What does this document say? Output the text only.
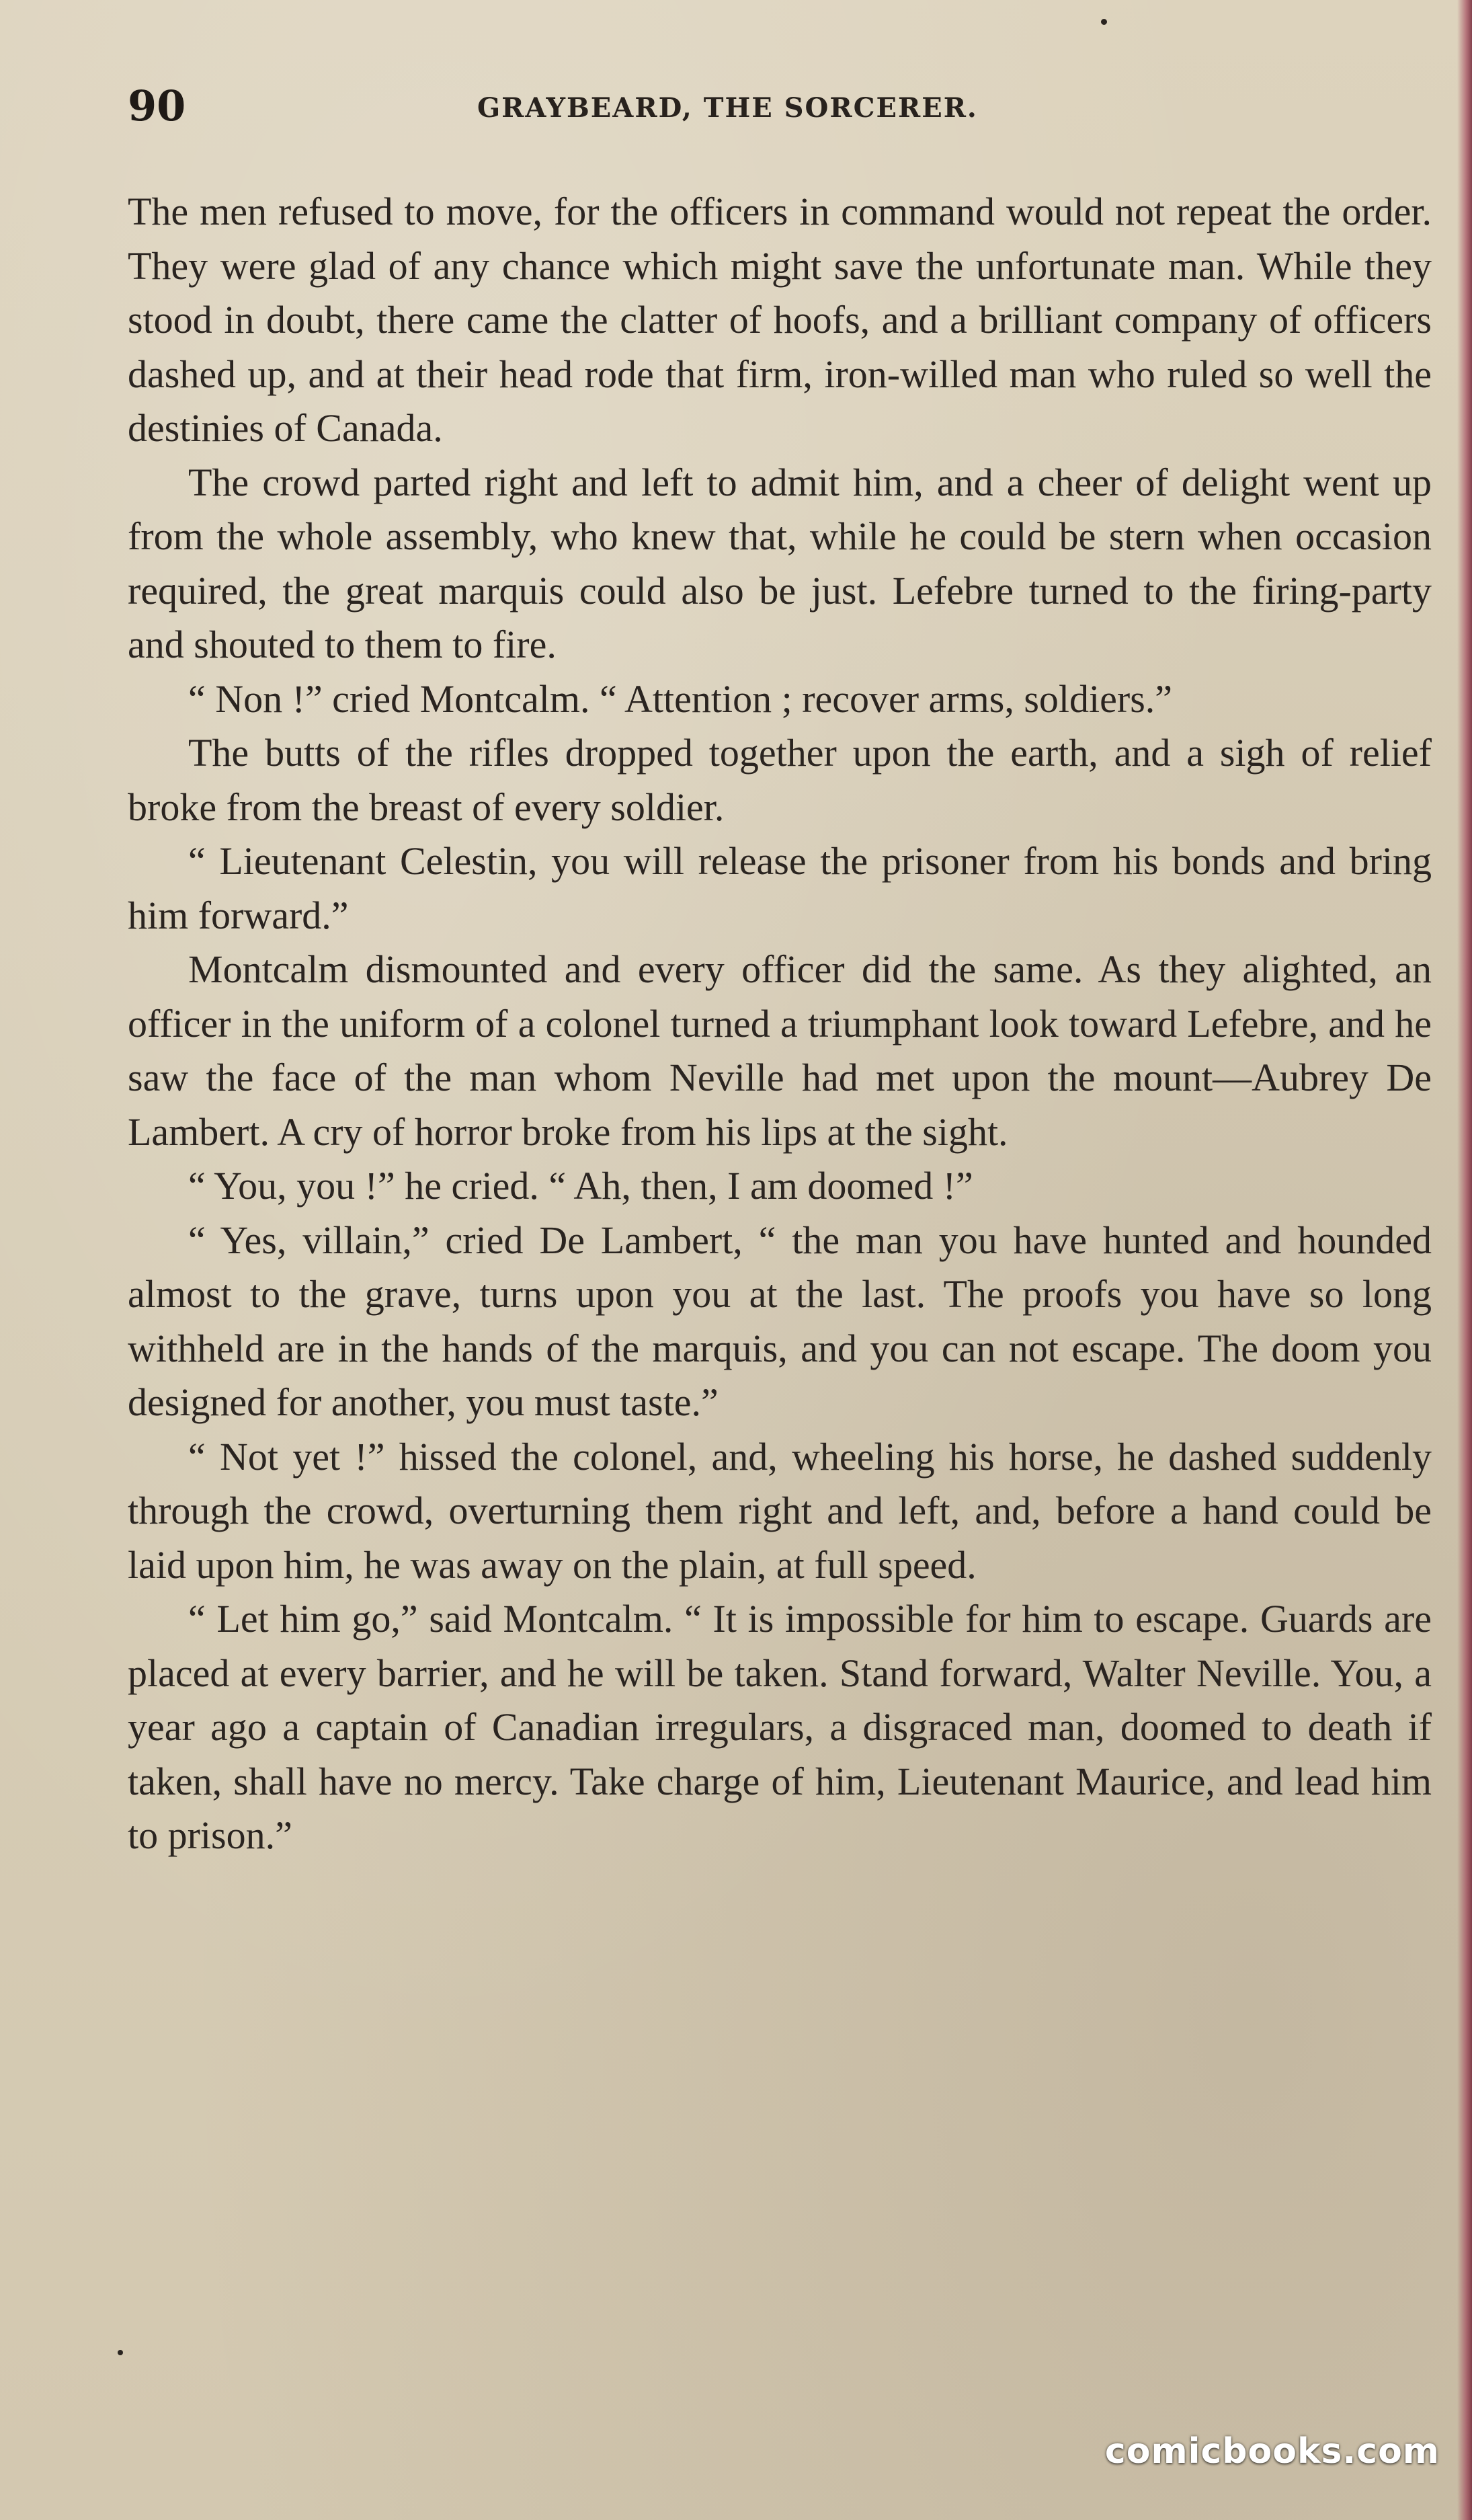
90	GRAYBEARD, THE SORCERER.

The men refused to move, for the officers in command would not repeat the order. They were glad of any chance which might save the unfortunate man. While they stood in doubt, there came the clatter of hoofs, and a brilliant company of officers dashed up, and at their head rode that firm, iron-willed man who ruled so well the destinies of Canada.

The crowd parted right and left to admit him, and a cheer of delight went up from the whole assembly, who knew that, while he could be stern when occasion required, the great marquis could also be just. Lefebre turned to the firing-party and shouted to them to fire.

“ Non !” cried Montcalm. “ Attention ; recover arms, soldiers.”

The butts of the rifles dropped together upon the earth, and a sigh of relief broke from the breast of every soldier.

“ Lieutenant Celestin, you will release the prisoner from his bonds and bring him forward.”

Montcalm dismounted and every officer did the same. As they alighted, an officer in the uniform of a colonel turned a triumphant look toward Lefebre, and he saw the face of the man whom Neville had met upon the mount—Aubrey De Lambert. A cry of horror broke from his lips at the sight.

“ You, you !” he cried. “ Ah, then, I am doomed !”

“ Yes, villain,” cried De Lambert, “ the man you have hunted and hounded almost to the grave, turns upon you at the last. The proofs you have so long withheld are in the hands of the marquis, and you can not escape. The doom you designed for another, you must taste.”

“ Not yet !” hissed the colonel, and, wheeling his horse, he dashed suddenly through the crowd, overturning them right and left, and, before a hand could be laid upon him, he was away on the plain, at full speed.

“ Let him go,” said Montcalm. “ It is impossible for him to escape. Guards are placed at every barrier, and he will be taken. Stand forward, Walter Neville. You, a year ago a captain of Canadian irregulars, a disgraced man, doomed to death if taken, shall have no mercy. Take charge of him, Lieutenant Maurice, and lead him to prison.”

comicbooks.com
